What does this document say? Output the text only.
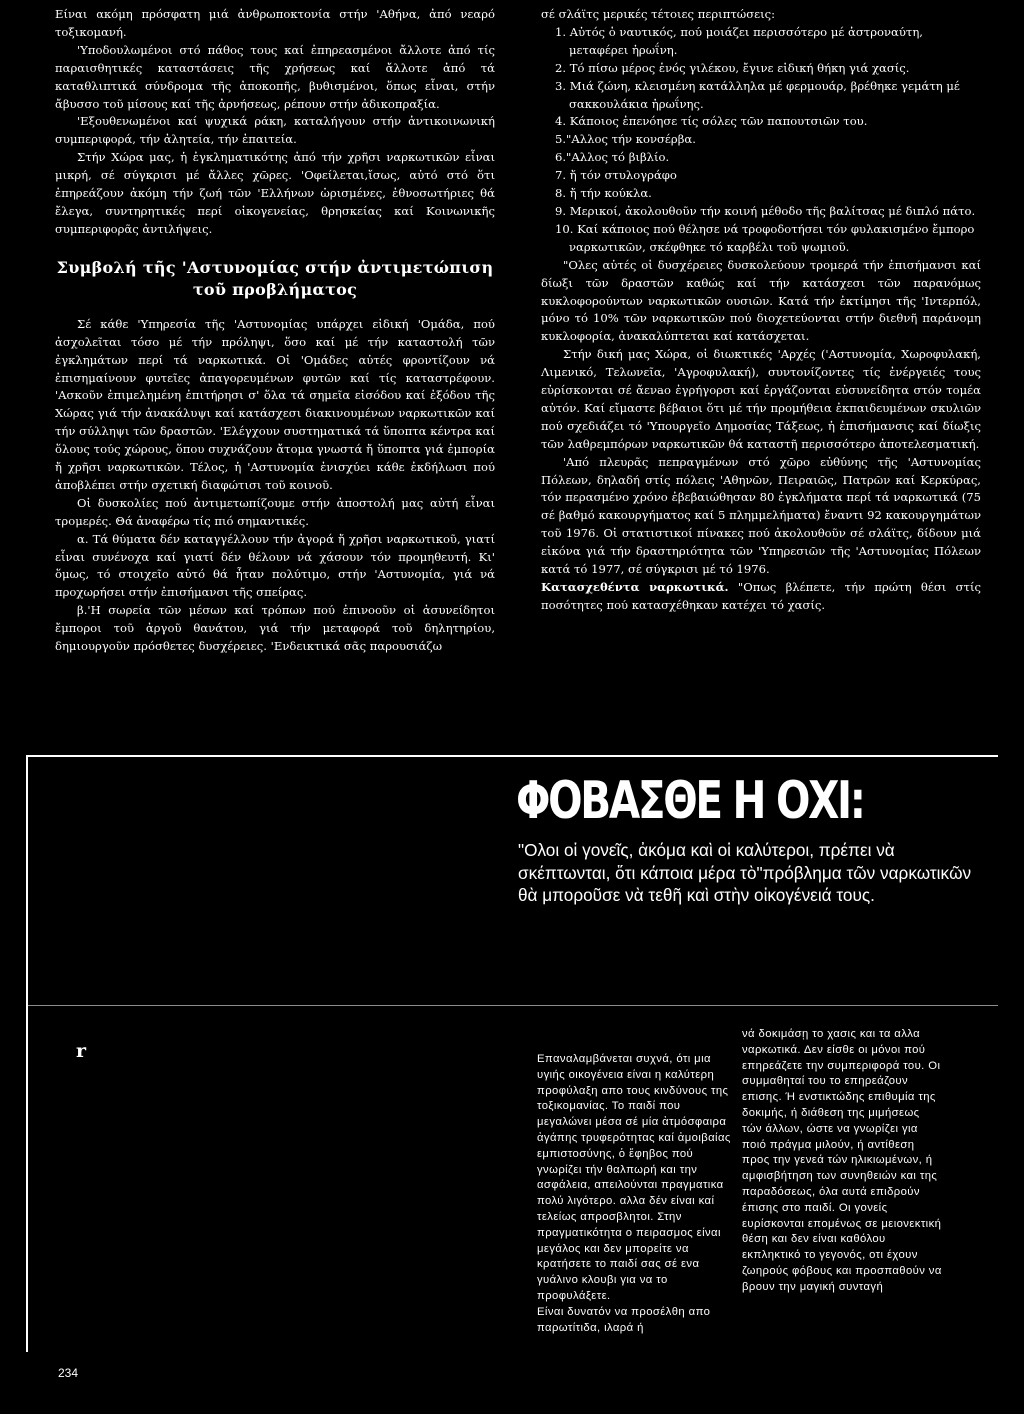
Είναι ακόμη πρόσφατη μιά ἀνθρωποκτονία στήν 'Αθήνα, ἀπό νεαρό τοξικομανή.

'Υποδουλωμένοι στό πάθος τους καί ἐπηρεασμένοι ἄλλοτε ἀπό τίς παραισθητικές καταστάσεις τῆς χρήσεως καί ἄλλοτε ἀπό τά καταθλιπτικά σύνδρομα τῆς ἀποκοπῆς, βυθισμένοι, ὅπως εἶναι, στήν ἄβυσσο τοῦ μίσους καί τῆς ἀρνήσεως, ρέπουν στήν ἀδικοπραξία.

'Εξουθενωμένοι καί ψυχικά ράκη, καταλήγουν στήν ἀντικοινωνική συμπεριφορά, τήν ἀλητεία, τήν ἐπαιτεία.

Στήν Χώρα μας, ἡ ἐγκληματικότης ἀπό τήν χρῆσι ναρκωτικῶν εἶναι μικρή, σέ σύγκρισι μέ ἄλλες χῶρες. 'Οφείλεται,ἴσως, αὐτό στό ὅτι ἐπηρεάζουν ἀκόμη τήν ζωή τῶν 'Ελλήνων ὡρισμένες, ἐθνοσωτήριες θά ἔλεγα, συντηρητικές περί οἰκογενείας, θρησκείας καί Κοινωνικῆς συμπεριφορᾶς ἀντιλήψεις.

Συμβολή τῆς 'Αστυνομίας στήν ἀντιμετώπιση
τοῦ προβλήματος

Σέ κάθε 'Υπηρεσία τῆς 'Αστυνομίας υπάρχει εἰδική 'Ομάδα, πού ἀσχολεῖται τόσο μέ τήν πρόληψι, ὅσο καί μέ τήν καταστολή τῶν ἐγκλημάτων περί τά ναρκωτικά. Οἱ 'Ομάδες αὐτές φροντίζουν νά ἐπισημαίνουν φυτεῖες ἀπαγορευμένων φυτῶν καί τίς καταστρέφουν. 'Ασκοῦν ἐπιμελημένη ἐπιτήρησι σ' ὅλα τά σημεῖα εἰσόδου καί ἐξόδου τῆς Χώρας γιά τήν ἀνακάλυψι καί κατάσχεσι διακινουμένων ναρκωτικῶν καί τήν σύλληψι τῶν δραστῶν. 'Ελέγχουν συστηματικά τά ὕποπτα κέντρα καί ὅλους τούς χώρους, ὅπου συχνάζουν ἄτομα γνωστά ἤ ὕποπτα γιά ἐμπορία ἤ χρῆσι ναρκωτικῶν. Τέλος, ἡ 'Αστυνομία ἐνισχύει κάθε ἐκδήλωσι πού ἀποβλέπει στήν σχετική διαφώτισι τοῦ κοινοῦ.

Οἱ δυσκολίες πού ἀντιμετωπίζουμε στήν ἀποστολή μας αὐτή εἶναι τρομερές. Θά ἀναφέρω τίς πιό σημαντικές.

α. Τά θύματα δέν καταγγέλλουν τήν ἀγορά ἤ χρῆσι ναρκωτικοῦ, γιατί εἶναι συνένοχα καί γιατί δέν θέλουν νά χάσουν τόν προμηθευτή. Κι' ὅμως, τό στοιχεῖο αὐτό θά ἦταν πολύτιμο, στήν 'Αστυνομία, γιά νά προχωρήσει στήν ἐπισήμανσι τῆς σπείρας.

β.'Η σωρεία τῶν μέσων καί τρόπων πού ἐπινοοῦν οἱ ἀσυνείδητοι ἔμποροι τοῦ ἀργοῦ θανάτου, γιά τήν μεταφορά τοῦ δηλητηρίου, δημιουργοῦν πρόσθετες δυσχέρειες. 'Ενδεικτικά σᾶς παρουσιάζω

σέ σλάϊτς μερικές τέτοιες περιπτώσεις:

1. Αὐτός ὁ ναυτικός, πού μοιάζει περισσότερο μέ ἀστροναύτη, μεταφέρει ἡρωΐνη.
2. Τό πίσω μέρος ἑνός γιλέκου, ἔγινε εἰδική θήκη γιά χασίς.
3. Μιά ζώνη, κλεισμένη κατάλληλα μέ φερμουάρ, βρέθηκε γεμάτη μέ σακκουλάκια ἡρωΐνης.
4. Κάποιος ἐπενόησε τίς σόλες τῶν παπουτσιῶν του.
5."Αλλος τήν κονσέρβα.
6."Αλλος τό βιβλίο.
7. ἤ τόν στυλογράφο
8. ἤ τήν κούκλα.
9. Μερικοί, ἀκολουθοῦν τήν κοινή μέθοδο τῆς βαλίτσας μέ διπλό πάτο.
10. Καί κάποιος πού θέλησε νά τροφοδοτήσει τόν φυλακισμένο ἔμπορο ναρκωτικῶν, σκέφθηκε τό καρβέλι τοῦ ψωμιοῦ.

"Ολες αὐτές οἱ δυσχέρειες δυσκολεύουν τρομερά τήν ἐπισήμανσι καί δίωξι τῶν δραστῶν καθώς καί τήν κατάσχεσι τῶν παρανόμως κυκλοφορούντων ναρκωτικῶν ουσιῶν. Κατά τήν ἐκτίμησι τῆς 'Ιντερπόλ, μόνο τό 10% τῶν ναρκωτικῶν πού διοχετεύονται στήν διεθνῆ παράνομη κυκλοφορία, ἀνακαλύπτεται καί κατάσχεται.

Στήν δική μας Χώρα, οἱ διωκτικές 'Αρχές ('Αστυνομία, Χωροφυλακή, Λιμενικό, Τελωνεῖα, 'Αγροφυλακή), συντονίζοντες τίς ἐνέργειές τους εὑρίσκονται σέ ἄενao ἐγρήγορσι καί ἐργάζονται εὐσυνείδητα στόν τομέα αὐτόν. Καί εἴμαστε βέβαιοι ὅτι μέ τήν προμήθεια ἐκπαιδευμένων σκυλιῶν πού σχεδιάζει τό 'Υπουργεῖο Δημοσίας Τάξεως, ἡ ἐπισήμανσις καί δίωξις τῶν λαθρεμπόρων ναρκωτικῶν θά καταστῆ περισσότερο ἀποτελεσματική.

'Από πλευρᾶς πεπραγμένων στό χῶρο εὐθύνης τῆς 'Αστυνομίας Πόλεων, δηλαδή στίς πόλεις 'Αθηνῶν, Πειραιῶς, Πατρῶν καί Κερκύρας, τόν περασμένο χρόνο ἐβεβαιώθησαν 80 ἐγκλήματα περί τά ναρκωτικά (75 σέ βαθμό κακουργήματος καί 5 πλημμελήματα) ἔναντι 92 κακουργημάτων τοῦ 1976. Οἱ στατιστικοί πίνακες πού ἀκολουθοῦν σέ σλάϊτς, δίδουν μιά εἰκόνα γιά τήν δραστηριότητα τῶν 'Υπηρεσιῶν τῆς 'Αστυνομίας Πόλεων κατά τό 1977, σέ σύγκρισι μέ τό 1976.

Κατασχεθέντα ναρκωτικά. "Οπως βλέπετε, τήν πρώτη θέσι στίς ποσότητες πού κατασχέθηκαν κατέχει τό χασίς.

ΦΟΒΑΣΘΕ Η ΟΧΙ:
"Ολοι οἱ γονεῖς, ἀκόμα καὶ οἱ καλύτεροι, πρέπει νὰ σκέπτωνται, ὅτι κάποια μέρα τὸ"πρόβλημα τῶν ναρκωτικῶν θὰ μποροῦσε νὰ τεθῆ καὶ στὴν οἰκογένειά τους.
r	Επαναλαμβάνεται συχνά, ότι μια υγιής οικογένεια είναι η καλύτερη προφύλαξη απο τους κινδύνους της τοξικομανίας. Το παιδί που μεγαλώνει μέσα σέ μία ἀτμόσφαιρα ἀγάπης τρυφερότητας καί ἀμοιβαίας εμπιστοσύνης, ὁ ἔφηβος πού γνωρίζει τήν θαλπωρή και την ασφάλεια, απειλούνται πραγματικα πολύ λιγότερο. αλλα δέν είναι καί τελείως απροσβλητοι. Στην πραγματικότητα ο πειρασμος είναι μεγάλος και δεν μπορείτε να κρατήσετε το παιδί σας σέ ενα γυάλινο κλουβι για να το προφυλάξετε.
Είναι δυνατόν να προσέλθη απο παρωτίτιδα, ιλαρά ή
νά δοκιμάσῃ το χασις και τα αλλα ναρκωτικά. Δεν είσθε οι μόνοι πού επηρεάζετε την συμπεριφορά του. Οι συμμαθηταί του το επηρεάζουν επισης. Ή ενστικτώδης επιθυμία της δοκιμής, ή διάθεση της μιμήσεως τών άλλων, ώστε να γνωρίζει για ποιό πράγμα μιλούν, ή αντίθεση προς την γενεά τών ηλικιωμένων, ή αμφισβήτηση των συνηθειών και της παραδόσεως, όλα αυτά επιδρούν έπισης στο παιδί. Οι γονείς ευρίσκονται επομένως σε μειονεκτική θέση και δεν είναι καθόλου εκπληκτικό το γεγονός, οτι έχουν ζωηρούς φόβους και προσπαθούν να βρουν την μαγική συνταγή
234
